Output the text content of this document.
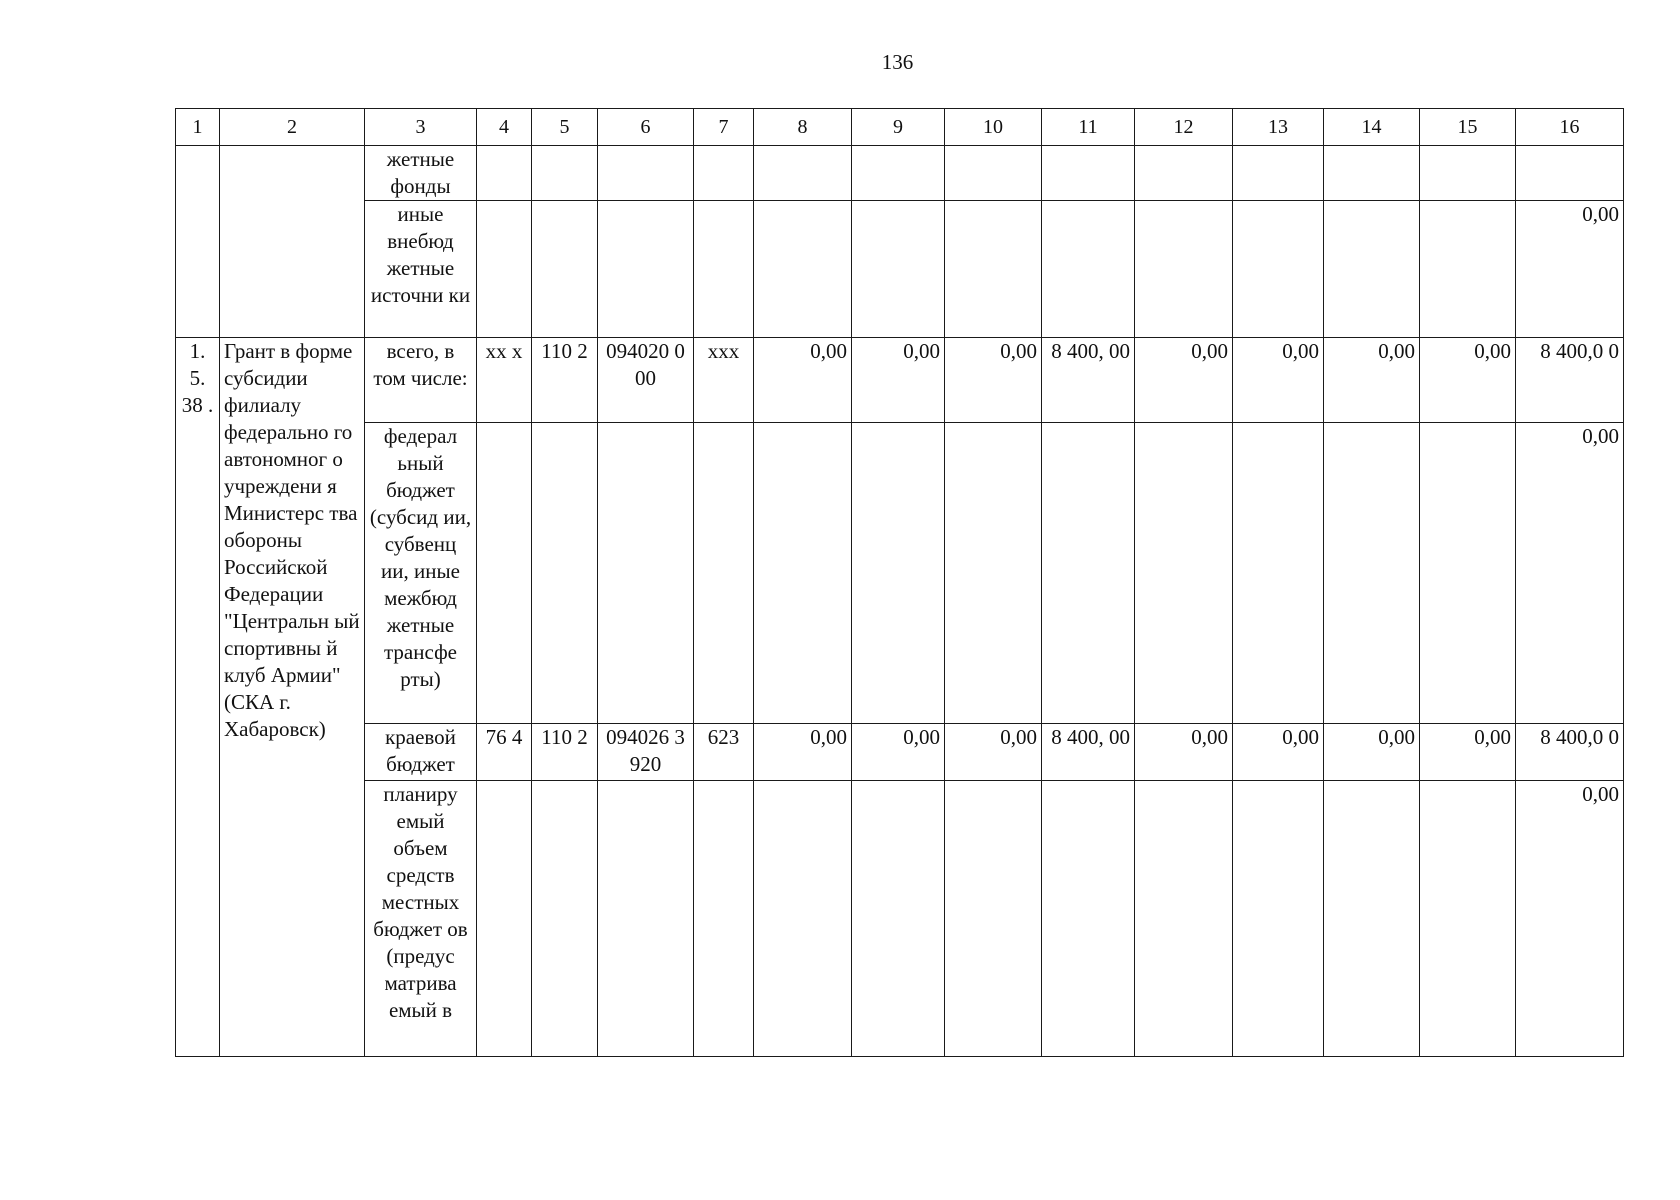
136
1	2	3	4	5	6	7	8	9	10	11	12	13	14	15	16
		жетные фонды													
		иные внебюд жетные источни ки													0,00
1. 5. 38 .	Грант в форме субсидии филиалу федерально го автономног о учреждени я Министерс тва обороны Российской Федерации "Центральн ый спортивны й клуб Армии" (СКА г. Хабаровск)	всего, в том числе:	xx x	110 2	094020 000	xxx	0,00	0,00	0,00	8 400, 00	0,00	0,00	0,00	0,00	8 400,0 0
		федерал ьный бюджет (субсид ии, субвенц ии, иные межбюд жетные трансфе рты)													0,00
		краевой бюджет	76 4	110 2	094026 3920	623	0,00	0,00	0,00	8 400, 00	0,00	0,00	0,00	0,00	8 400,0 0
		планиру емый объем средств местных бюджет ов (предус матрива емый в													0,00
